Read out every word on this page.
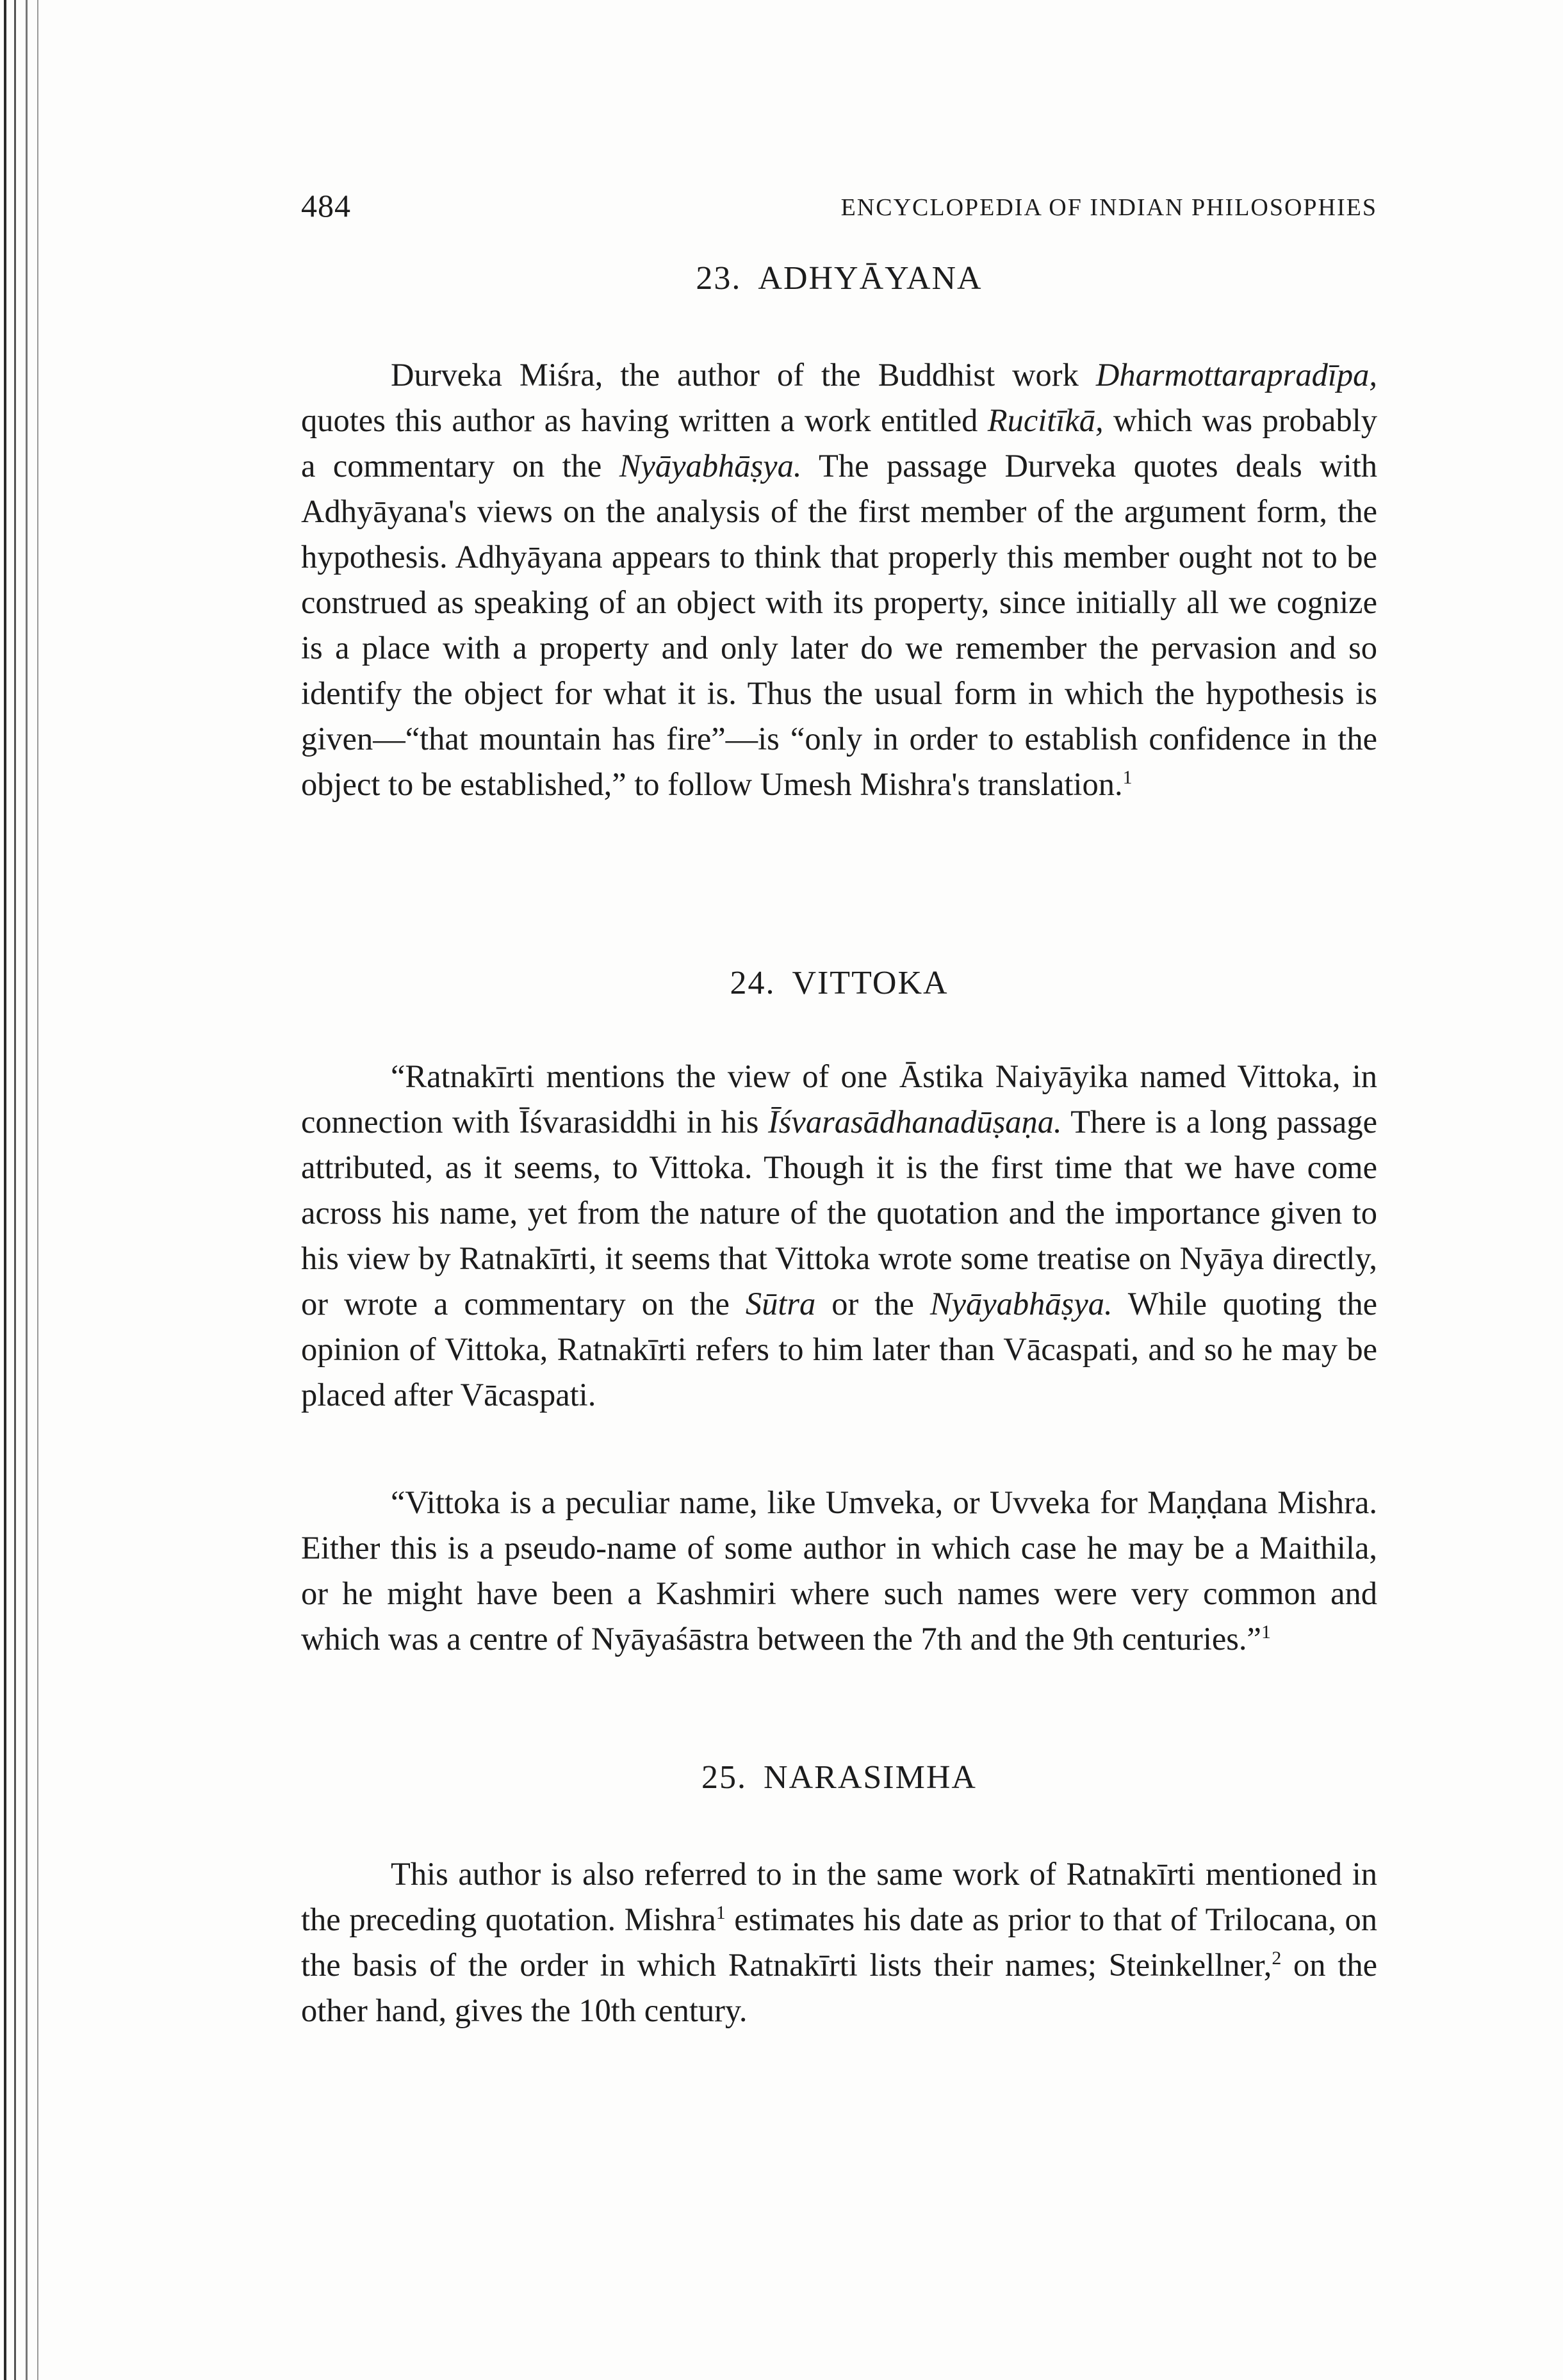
484	ENCYCLOPEDIA OF INDIAN PHILOSOPHIES
23. ADHYĀYANA

Durveka Miśra, the author of the Buddhist work Dharmottarapradīpa, quotes this author as having written a work entitled Rucitīkā, which was probably a commentary on the Nyāyabhāṣya. The passage Durveka quotes deals with Adhyāyana's views on the analysis of the first member of the argument form, the hypothesis. Adhyāyana appears to think that properly this member ought not to be construed as speaking of an object with its property, since initially all we cognize is a place with a property and only later do we remember the pervasion and so identify the object for what it is. Thus the usual form in which the hypothesis is given—“that mountain has fire”—is “only in order to establish confidence in the object to be established,” to follow Umesh Mishra's translation.$^1$

24. VITTOKA

“Ratnakīrti mentions the view of one Āstika Naiyāyika named Vittoka, in connection with Īśvarasiddhi in his Īśvarasādhanadūṣaṇa. There is a long passage attributed, as it seems, to Vittoka. Though it is the first time that we have come across his name, yet from the nature of the quotation and the importance given to his view by Ratnakīrti, it seems that Vittoka wrote some treatise on Nyāya directly, or wrote a commentary on the Sūtra or the Nyāyabhāṣya. While quoting the opinion of Vittoka, Ratnakīrti refers to him later than Vācaspati, and so he may be placed after Vācaspati.

“Vittoka is a peculiar name, like Umveka, or Uvveka for Maṇḍana Mishra. Either this is a pseudo-name of some author in which case he may be a Maithila, or he might have been a Kashmiri where such names were very common and which was a centre of Nyāyaśāstra between the 7th and the 9th centuries.”$^1$

25. NARASIMHA

This author is also referred to in the same work of Ratnakīrti mentioned in the preceding quotation. Mishra$^1$ estimates his date as prior to that of Trilocana, on the basis of the order in which Ratnakīrti lists their names; Steinkellner,$^2$ on the other hand, gives the 10th century.
